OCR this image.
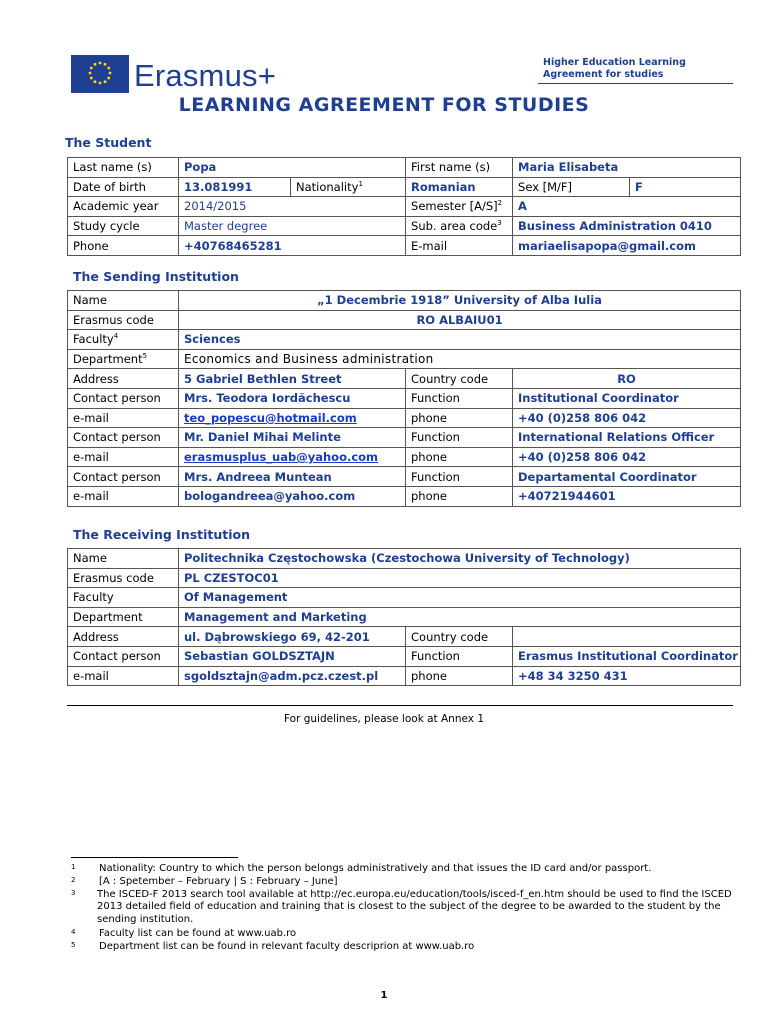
Erasmus+	Higher Education Learning Agreement for studies
LEARNING AGREEMENT FOR STUDIES
The Student
Last name (s)	Popa		First name (s)	Maria Elisabeta	
Date of birth	13.081991	Nationality$^1$	Romanian	Sex [M/F]	F
Academic year	2014/2015		Semester $[A/S]^2$	A	
Study cycle	Master degree		Sub. area code$^3$	Business Administration 0410	
Phone	+40768465281		E-mail	mariaelisapopa@gmail.com	
The Sending Institution
Name	„1 Decembrie 1918” University of Alba Iulia		
Erasmus code	RO ALBAIU01		
Faculty$^4$	Sciences		
Department$^5$	Economics and Business administration		
Address	5 Gabriel Bethlen Street	Country code	RO
Contact person	Mrs. Teodora Iordăchescu	Function	Institutional Coordinator
e-mail	teo_popescu@hotmail.com	phone	+40 (0)258 806 042
Contact person	Mr. Daniel Mihai Melinte	Function	International Relations Officer
e-mail	erasmusplus_uab@yahoo.com	phone	+40 (0)258 806 042
Contact person	Mrs. Andreea Muntean	Function	Departamental Coordinator
e-mail	bologandreea@yahoo.com	phone	+40721944601
The Receiving Institution
Name	Politechnika Częstochowska (Czestochowa University of Technology)		
Erasmus code	PL CZESTOC01		
Faculty	Of Management		
Department	Management and Marketing		
Address	ul. Dąbrowskiego 69, 42-201	Country code	
Contact person	Sebastian GOLDSZTAJN	Function	Erasmus Institutional Coordinator
e-mail	sgoldsztajn@adm.pcz.czest.pl	phone	+48 34 3250 431
For guidelines, please look at Annex 1
1 Nationality: Country to which the person belongs administratively and that issues the ID card and/or passport.
2 [A : Spetember – February | S : February – June]
3 The ISCED-F 2013 search tool available at http://ec.europa.eu/education/tools/isced-f_en.htm should be used to find the ISCED 2013 detailed field of education and training that is closest to the subject of the degree to be awarded to the student by the sending institution.
4 Faculty list can be found at www.uab.ro
5 Department list can be found in relevant faculty descriprion at www.uab.ro
1
